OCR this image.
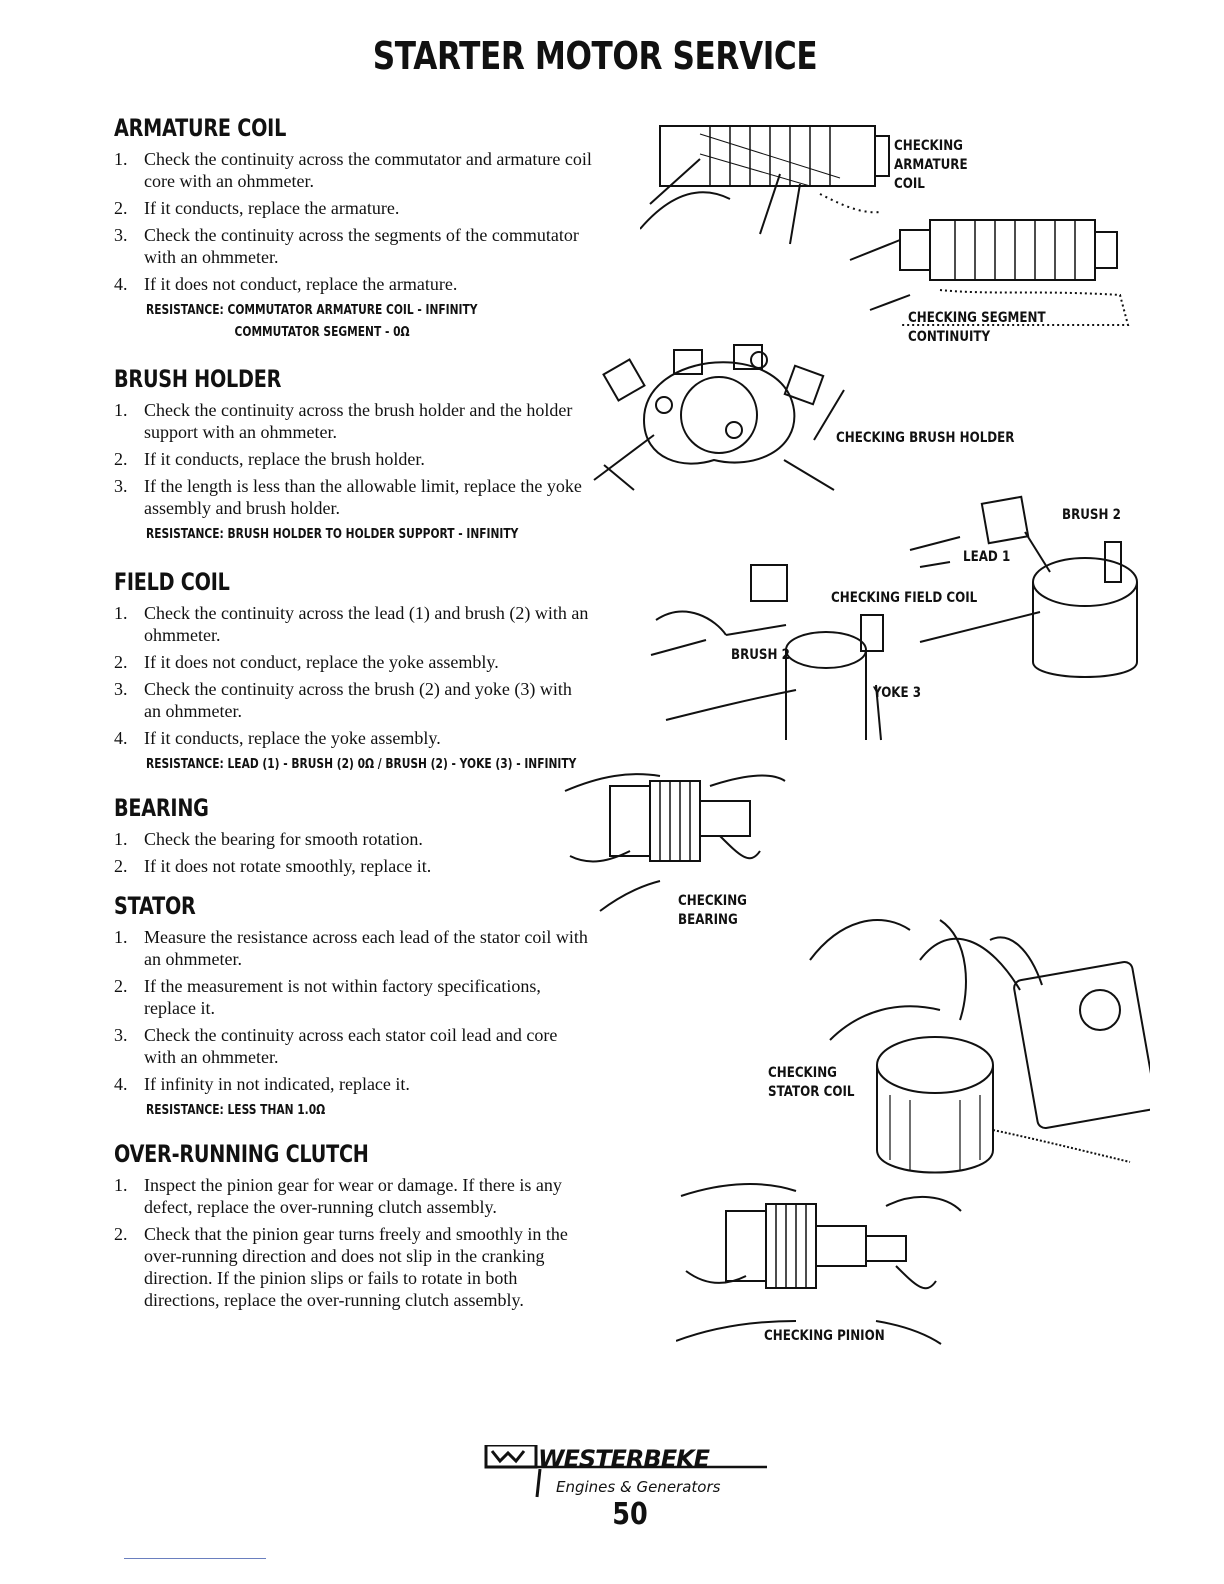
STARTER MOTOR SERVICE
ARMATURE COIL
1. Check the continuity across the commutator and armature coil core with an ohmmeter.
2. If it conducts, replace the armature.
3. Check the continuity across the segments of the commutator with an ohmmeter.
4. If it does not conduct, replace the armature.
RESISTANCE: COMMUTATOR ARMATURE COIL - INFINITY
COMMUTATOR SEGMENT - 0Ω
BRUSH HOLDER
1. Check the continuity across the brush holder and the holder support with an ohmmeter.
2. If it conducts, replace the brush holder.
3. If the length is less than the allowable limit, replace the yoke assembly and brush holder.
RESISTANCE: BRUSH HOLDER TO HOLDER SUPPORT - INFINITY
FIELD COIL
1. Check the continuity across the lead (1) and brush (2) with an ohmmeter.
2. If it does not conduct, replace the yoke assembly.
3. Check the continuity across the brush (2) and yoke (3) with an ohmmeter.
4. If it conducts, replace the yoke assembly.
RESISTANCE: LEAD (1) - BRUSH (2) 0Ω / BRUSH (2) - YOKE (3) - INFINITY
BEARING
1. Check the bearing for smooth rotation.
2. If it does not rotate smoothly, replace it.
STATOR
1. Measure the resistance across each lead of the stator coil with an ohmmeter.
2. If the measurement is not within factory specifications, replace it.
3. Check the continuity across each stator coil lead and core with an ohmmeter.
4. If infinity in not indicated, replace it.
RESISTANCE: LESS THAN 1.0Ω
OVER-RUNNING CLUTCH
1. Inspect the pinion gear for wear or damage. If there is any defect, replace the over-running clutch assembly.
2. Check that the pinion gear turns freely and smoothly in the over-running direction and does not slip in the cranking direction. If the pinion slips or fails to rotate in both directions, replace the over-running clutch assembly.
CHECKING
ARMATURE
COIL
CHECKING SEGMENT
CONTINUITY
CHECKING BRUSH HOLDER
BRUSH 2
LEAD 1
CHECKING FIELD COIL
BRUSH 2
YOKE 3
CHECKING
BEARING
CHECKING
STATOR COIL
CHECKING PINION
WESTERBEKE
Engines & Generators
50
